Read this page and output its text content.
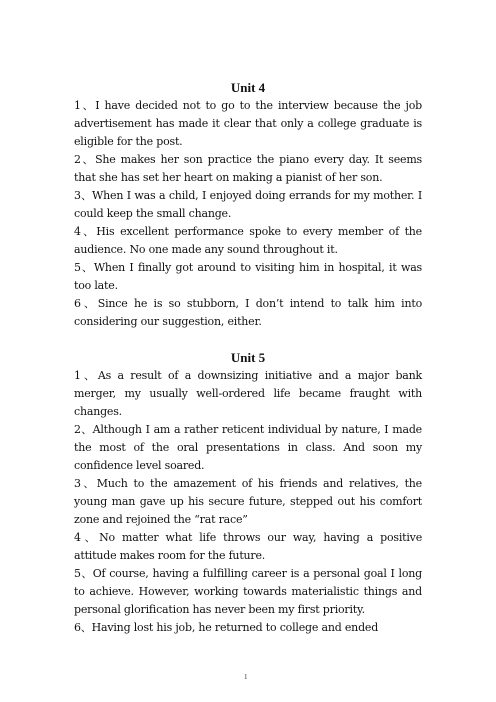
Unit 4

1、I have decided not to go to the interview because the job advertisement has made it clear that only a college graduate is eligible for the post.

2、She makes her son practice the piano every day. It seems that she has set her heart on making a pianist of her son.

3、When I was a child, I enjoyed doing errands for my mother. I could keep the small change.

4、His excellent performance spoke to every member of the audience. No one made any sound throughout it.

5、When I finally got around to visiting him in hospital, it was too late.

6、Since he is so stubborn, I don’t intend to talk him into considering our suggestion, either.

Unit 5

1、As a result of a downsizing initiative and a major bank merger, my usually well-ordered life became fraught with changes.

2、Although I am a rather reticent individual by nature, I made the most of the oral presentations in class. And soon my confidence level soared.

3、Much to the amazement of his friends and relatives, the young man gave up his secure future, stepped out his comfort zone and rejoined the “rat race”

4、No matter what life throws our way, having a positive attitude makes room for the future.

5、Of course, having a fulfilling career is a personal goal I long to achieve. However, working towards materialistic things and personal glorification has never been my first priority.

6、Having lost his job, he returned to college and ended

1
